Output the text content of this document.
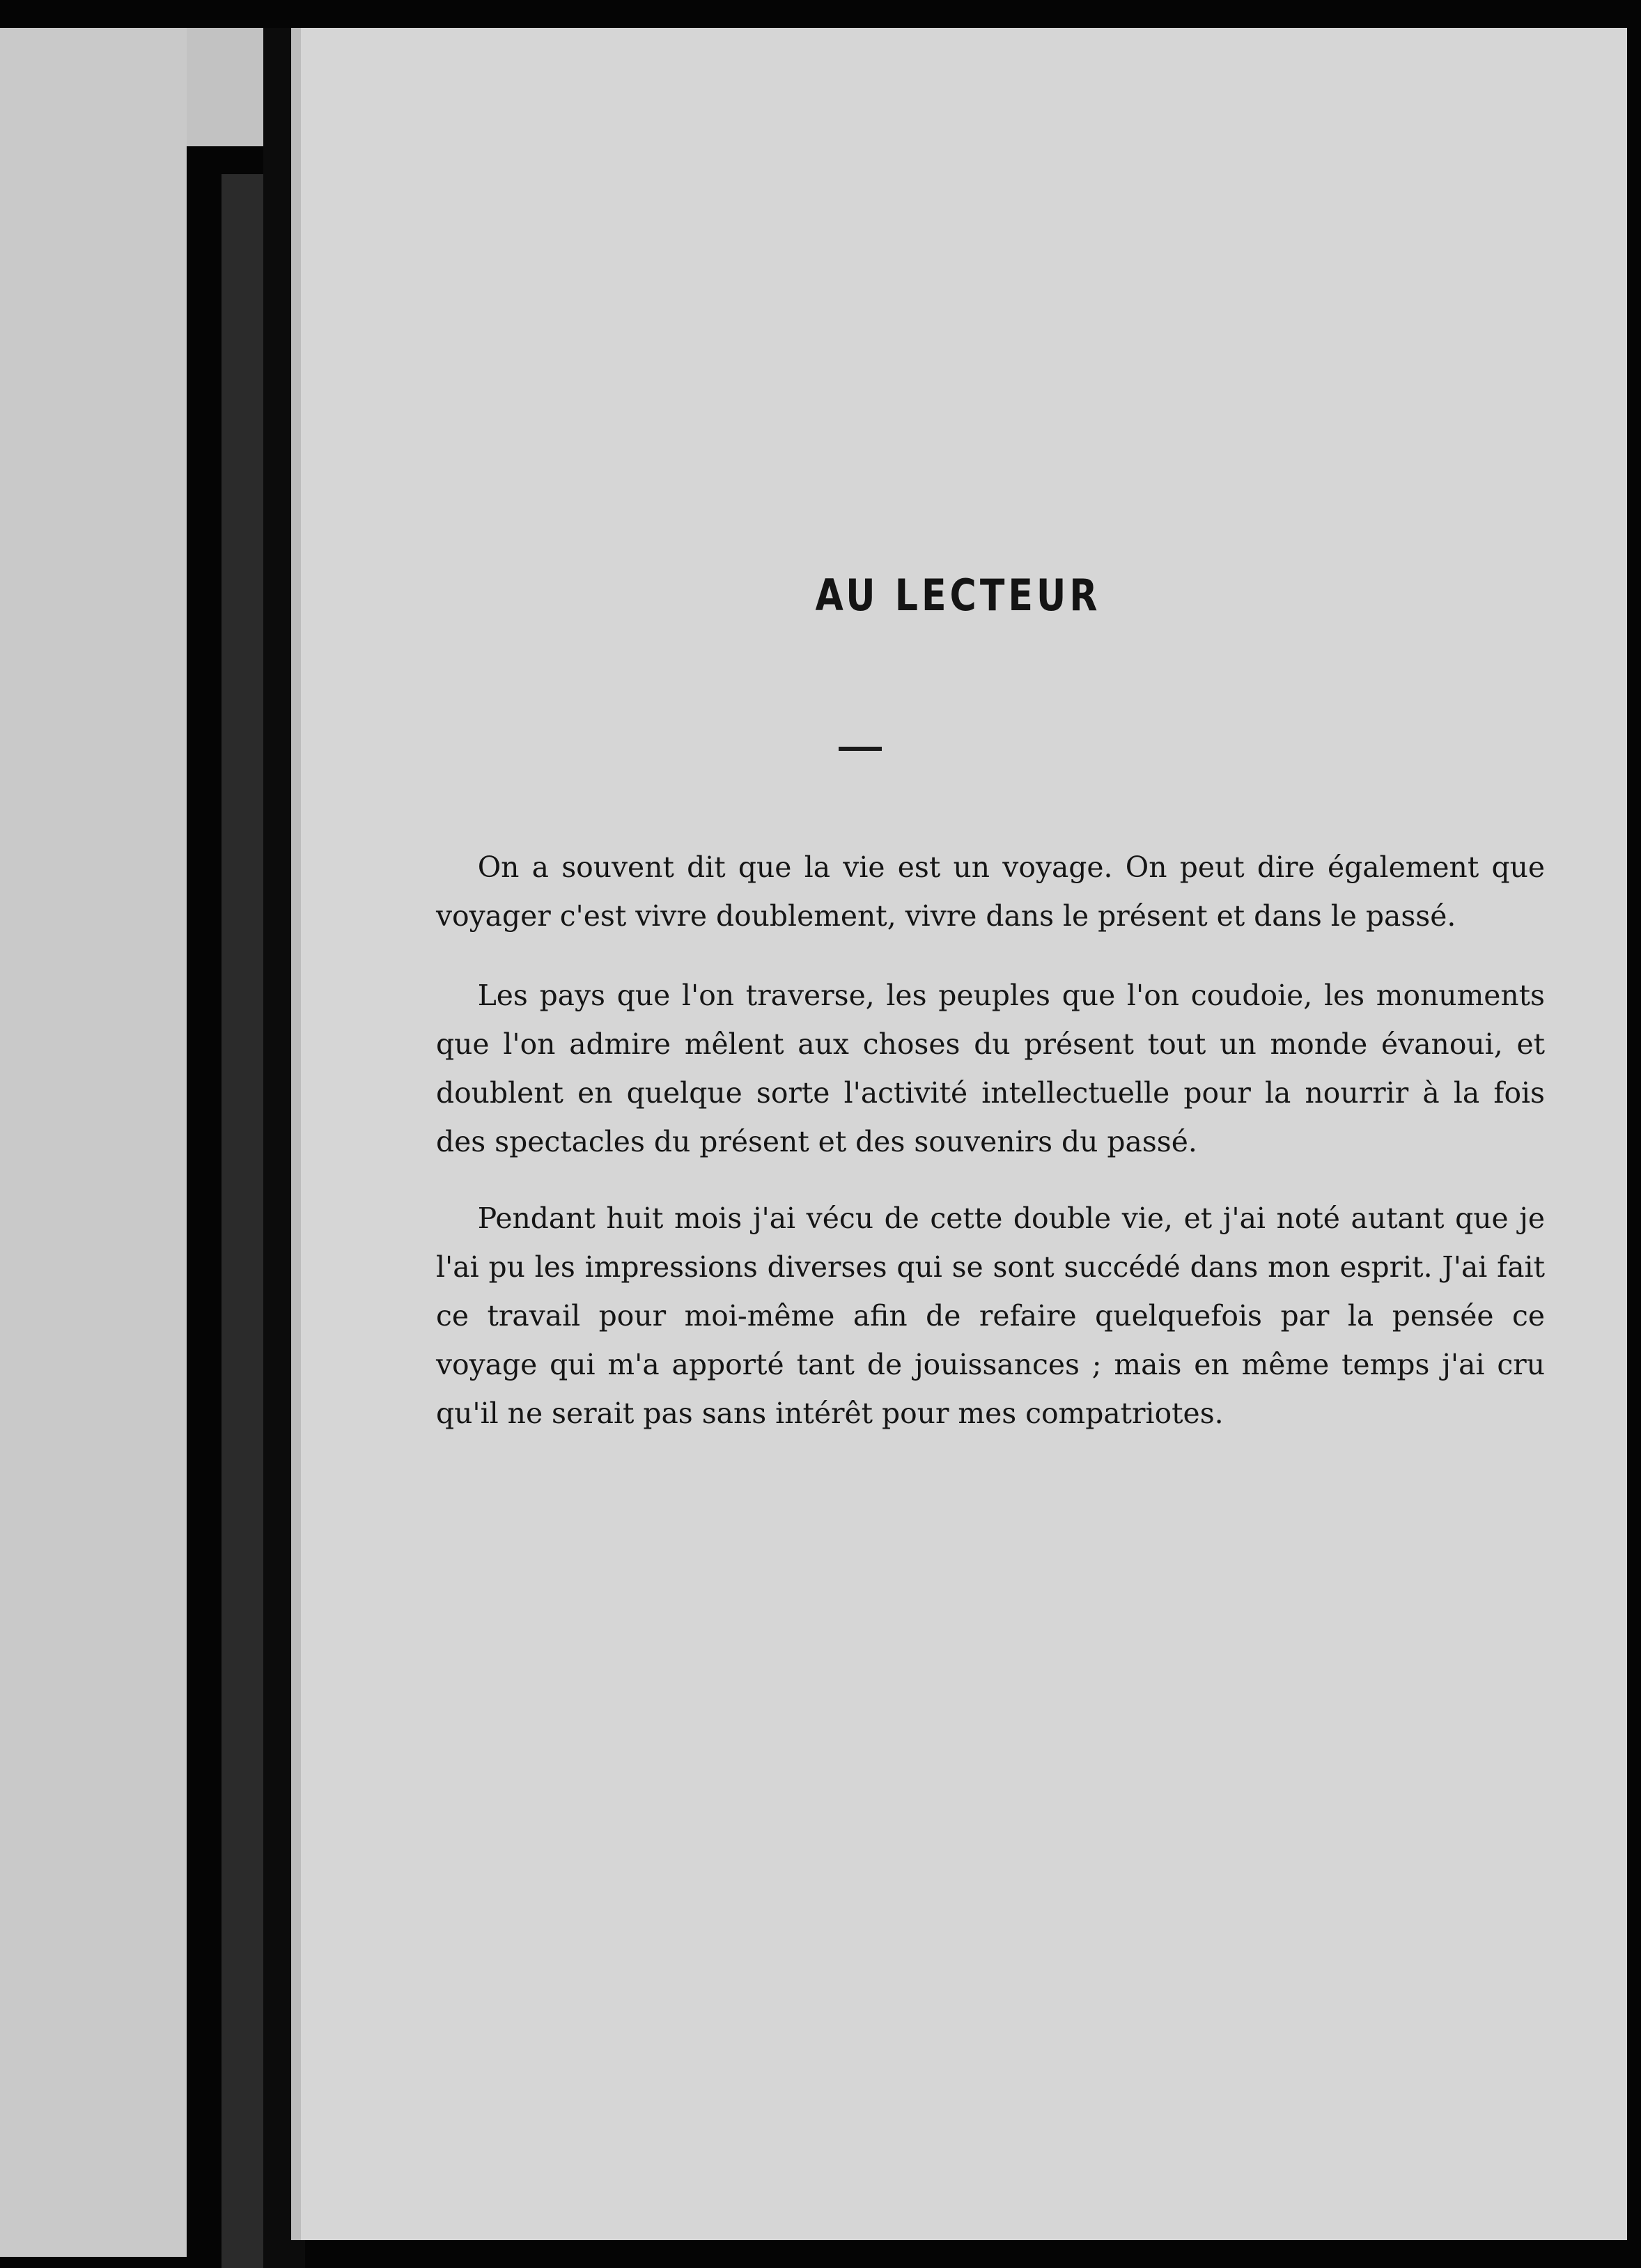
AU LECTEUR

On a souvent dit que la vie est un voyage. On peut dire également que voyager c'est vivre doublement, vivre dans le présent et dans le passé.

Les pays que l'on traverse, les peuples que l'on coudoie, les monuments que l'on admire mêlent aux choses du présent tout un monde évanoui, et doublent en quelque sorte l'activité intellectuelle pour la nourrir à la fois des spectacles du présent et des souvenirs du passé.

Pendant huit mois j'ai vécu de cette double vie, et j'ai noté autant que je l'ai pu les impressions diverses qui se sont succédé dans mon esprit. J'ai fait ce travail pour moi-même afin de refaire quelquefois par la pensée ce voyage qui m'a apporté tant de jouissances ; mais en même temps j'ai cru qu'il ne serait pas sans intérêt pour mes compatriotes.
